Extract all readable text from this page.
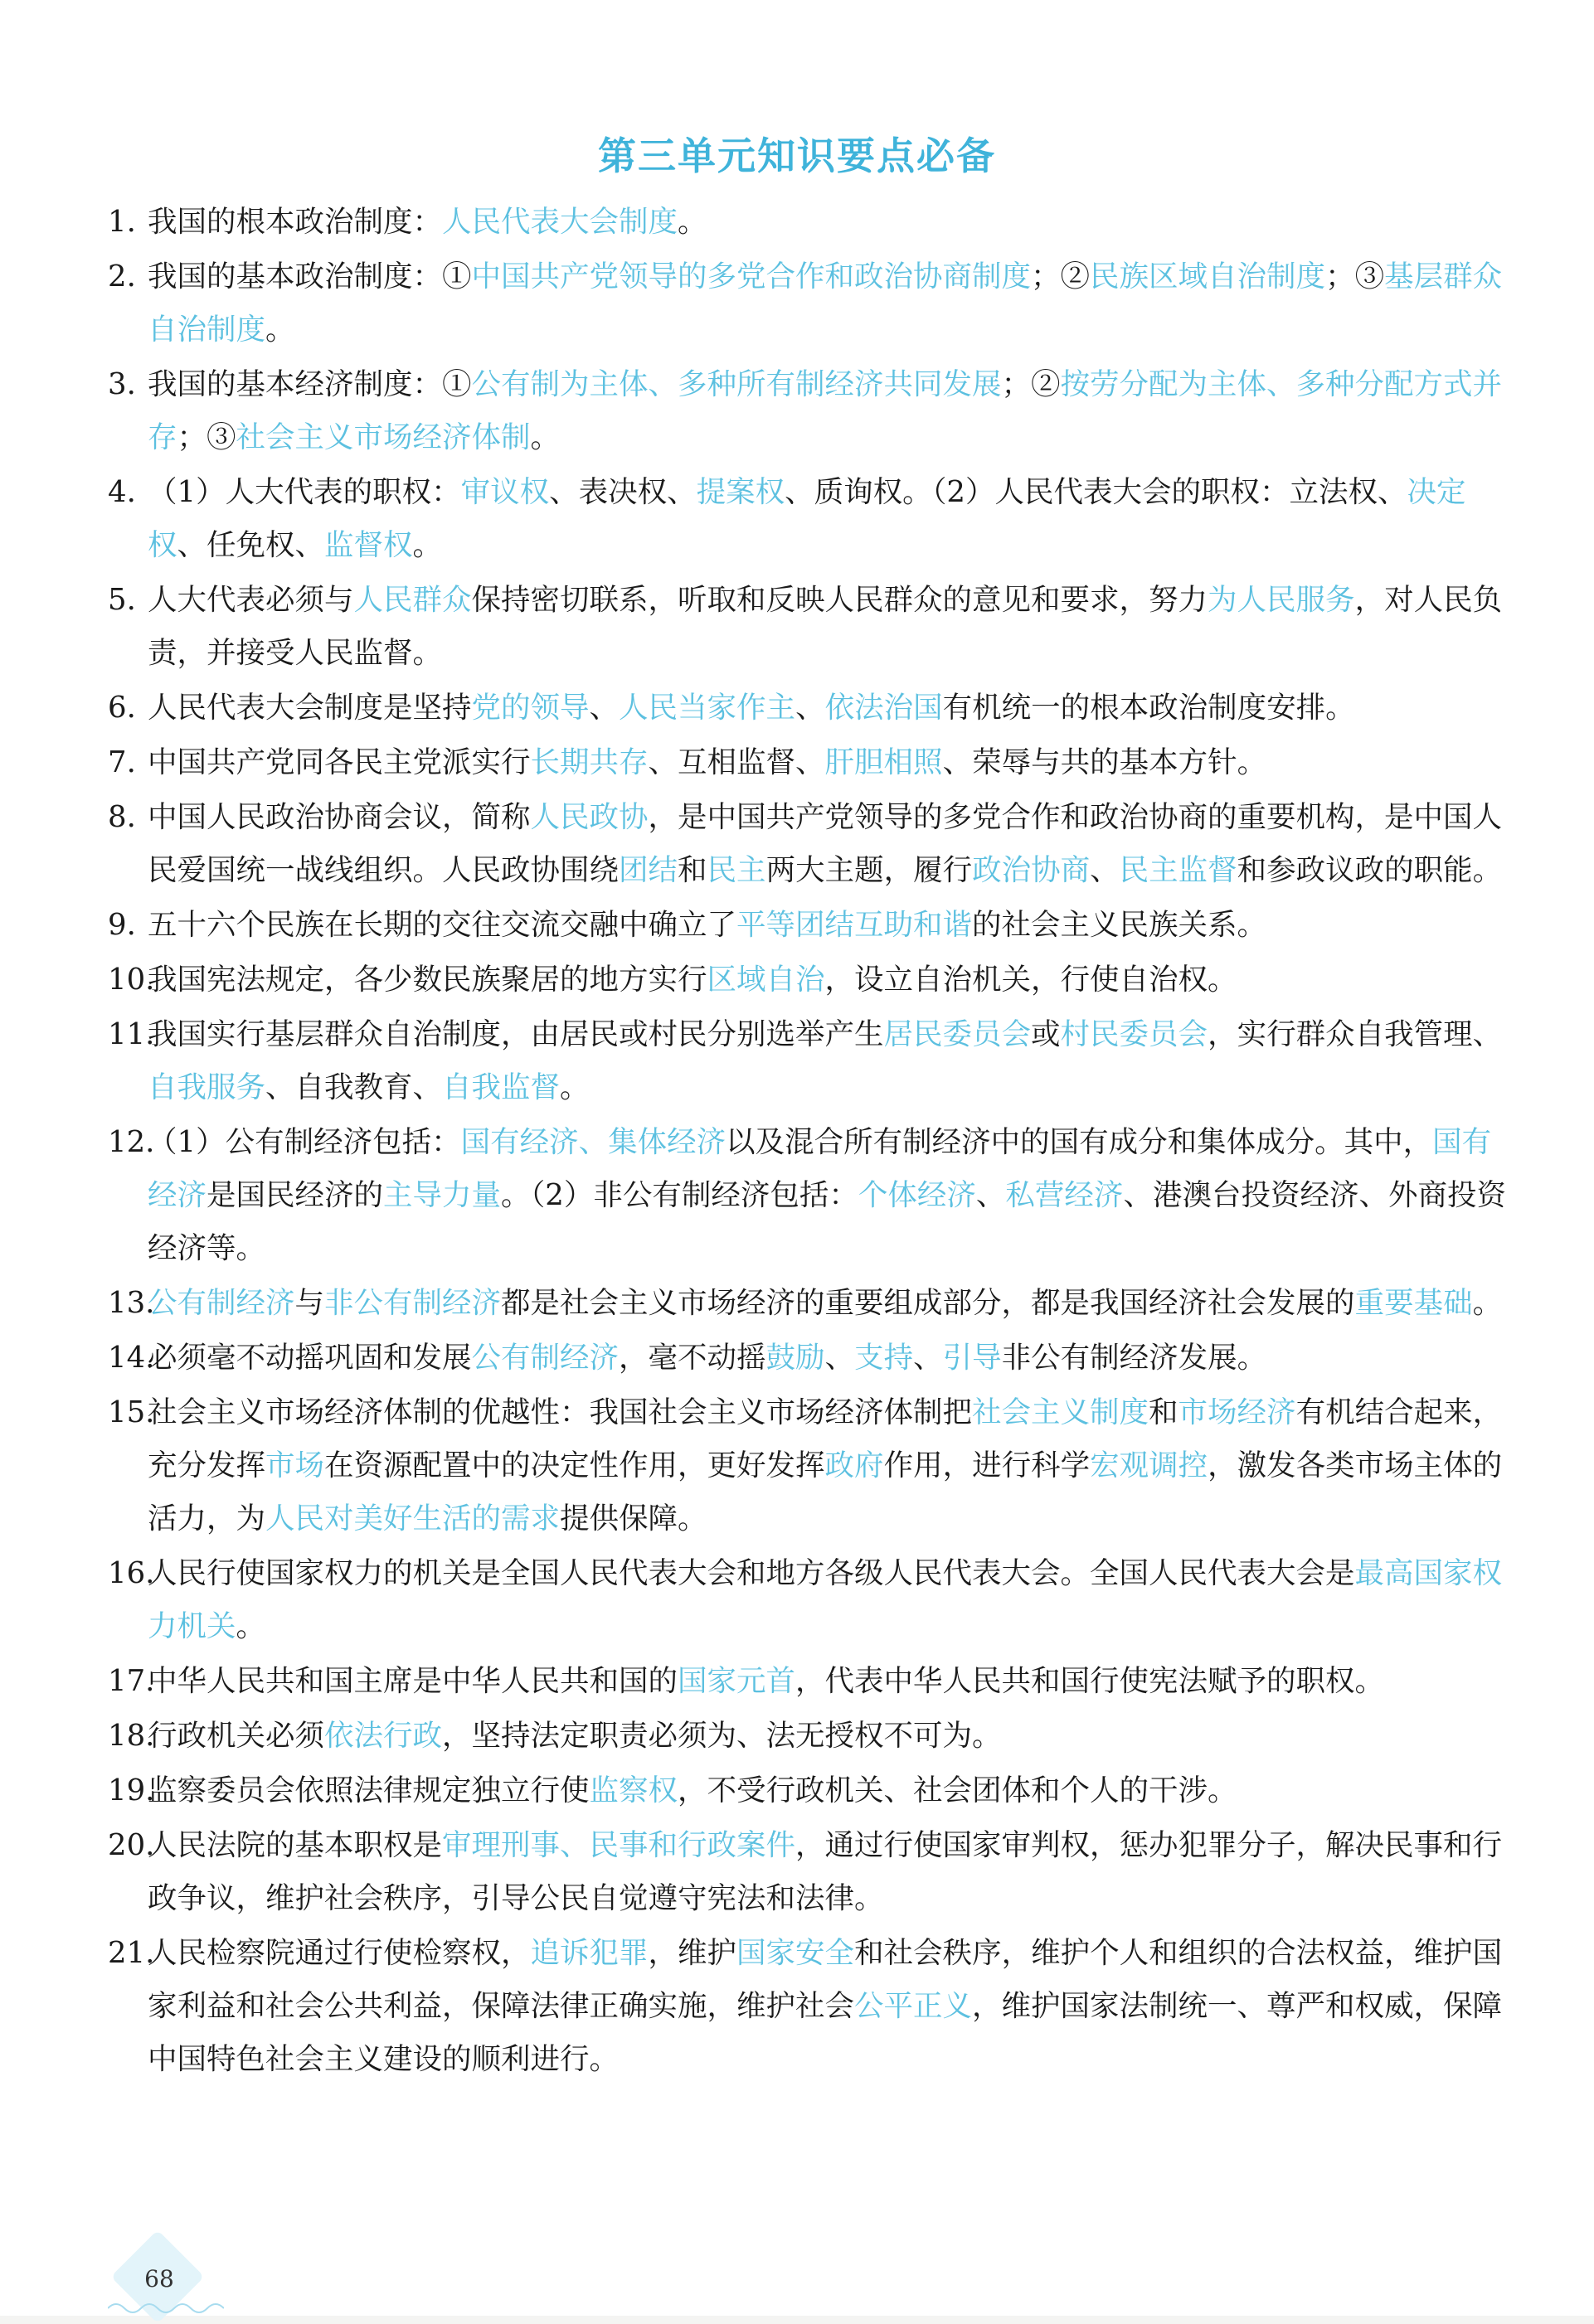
第三单元知识要点必备
1. 我国的根本政治制度：人民代表大会制度。
2. 我国的基本政治制度：①中国共产党领导的多党合作和政治协商制度；②民族区域自治制度；③基层群众自治制度。
3. 我国的基本经济制度：①公有制为主体、多种所有制经济共同发展；②按劳分配为主体、多种分配方式并存；③社会主义市场经济体制。
4. （1）人大代表的职权：审议权、表决权、提案权、质询权。（2）人民代表大会的职权：立法权、决定权、任免权、监督权。
5. 人大代表必须与人民群众保持密切联系，听取和反映人民群众的意见和要求，努力为人民服务，对人民负责，并接受人民监督。
6. 人民代表大会制度是坚持党的领导、人民当家作主、依法治国有机统一的根本政治制度安排。
7. 中国共产党同各民主党派实行长期共存、互相监督、肝胆相照、荣辱与共的基本方针。
8. 中国人民政治协商会议，简称人民政协，是中国共产党领导的多党合作和政治协商的重要机构，是中国人民爱国统一战线组织。人民政协围绕团结和民主两大主题，履行政治协商、民主监督和参政议政的职能。
9. 五十六个民族在长期的交往交流交融中确立了平等团结互助和谐的社会主义民族关系。
10.
我国宪法规定，各少数民族聚居的地方实行区域自治，设立自治机关，行使自治权。
11.
我国实行基层群众自治制度，由居民或村民分别选举产生居民委员会或村民委员会，实行群众自我管理、自我服务、自我教育、自我监督。
12.
（1）公有制经济包括：国有经济、集体经济以及混合所有制经济中的国有成分和集体成分。其中，国有经济是国民经济的主导力量。（2）非公有制经济包括：个体经济、私营经济、港澳台投资经济、外商投资经济等。
13.
公有制经济与非公有制经济都是社会主义市场经济的重要组成部分，都是我国经济社会发展的重要基础。
14.
必须毫不动摇巩固和发展公有制经济，毫不动摇鼓励、支持、引导非公有制经济发展。
15.
社会主义市场经济体制的优越性：我国社会主义市场经济体制把社会主义制度和市场经济有机结合起来，充分发挥市场在资源配置中的决定性作用，更好发挥政府作用，进行科学宏观调控，激发各类市场主体的活力，为人民对美好生活的需求提供保障。
16.
人民行使国家权力的机关是全国人民代表大会和地方各级人民代表大会。全国人民代表大会是最高国家权力机关。
17.
中华人民共和国主席是中华人民共和国的国家元首，代表中华人民共和国行使宪法赋予的职权。
18.
行政机关必须依法行政，坚持法定职责必须为、法无授权不可为。
19.
监察委员会依照法律规定独立行使监察权，不受行政机关、社会团体和个人的干涉。
20.
人民法院的基本职权是审理刑事、民事和行政案件，通过行使国家审判权，惩办犯罪分子，解决民事和行政争议，维护社会秩序，引导公民自觉遵守宪法和法律。
21.
人民检察院通过行使检察权，追诉犯罪，维护国家安全和社会秩序，维护个人和组织的合法权益，维护国家利益和社会公共利益，保障法律正确实施，维护社会公平正义，维护国家法制统一、尊严和权威，保障中国特色社会主义建设的顺利进行。
68
